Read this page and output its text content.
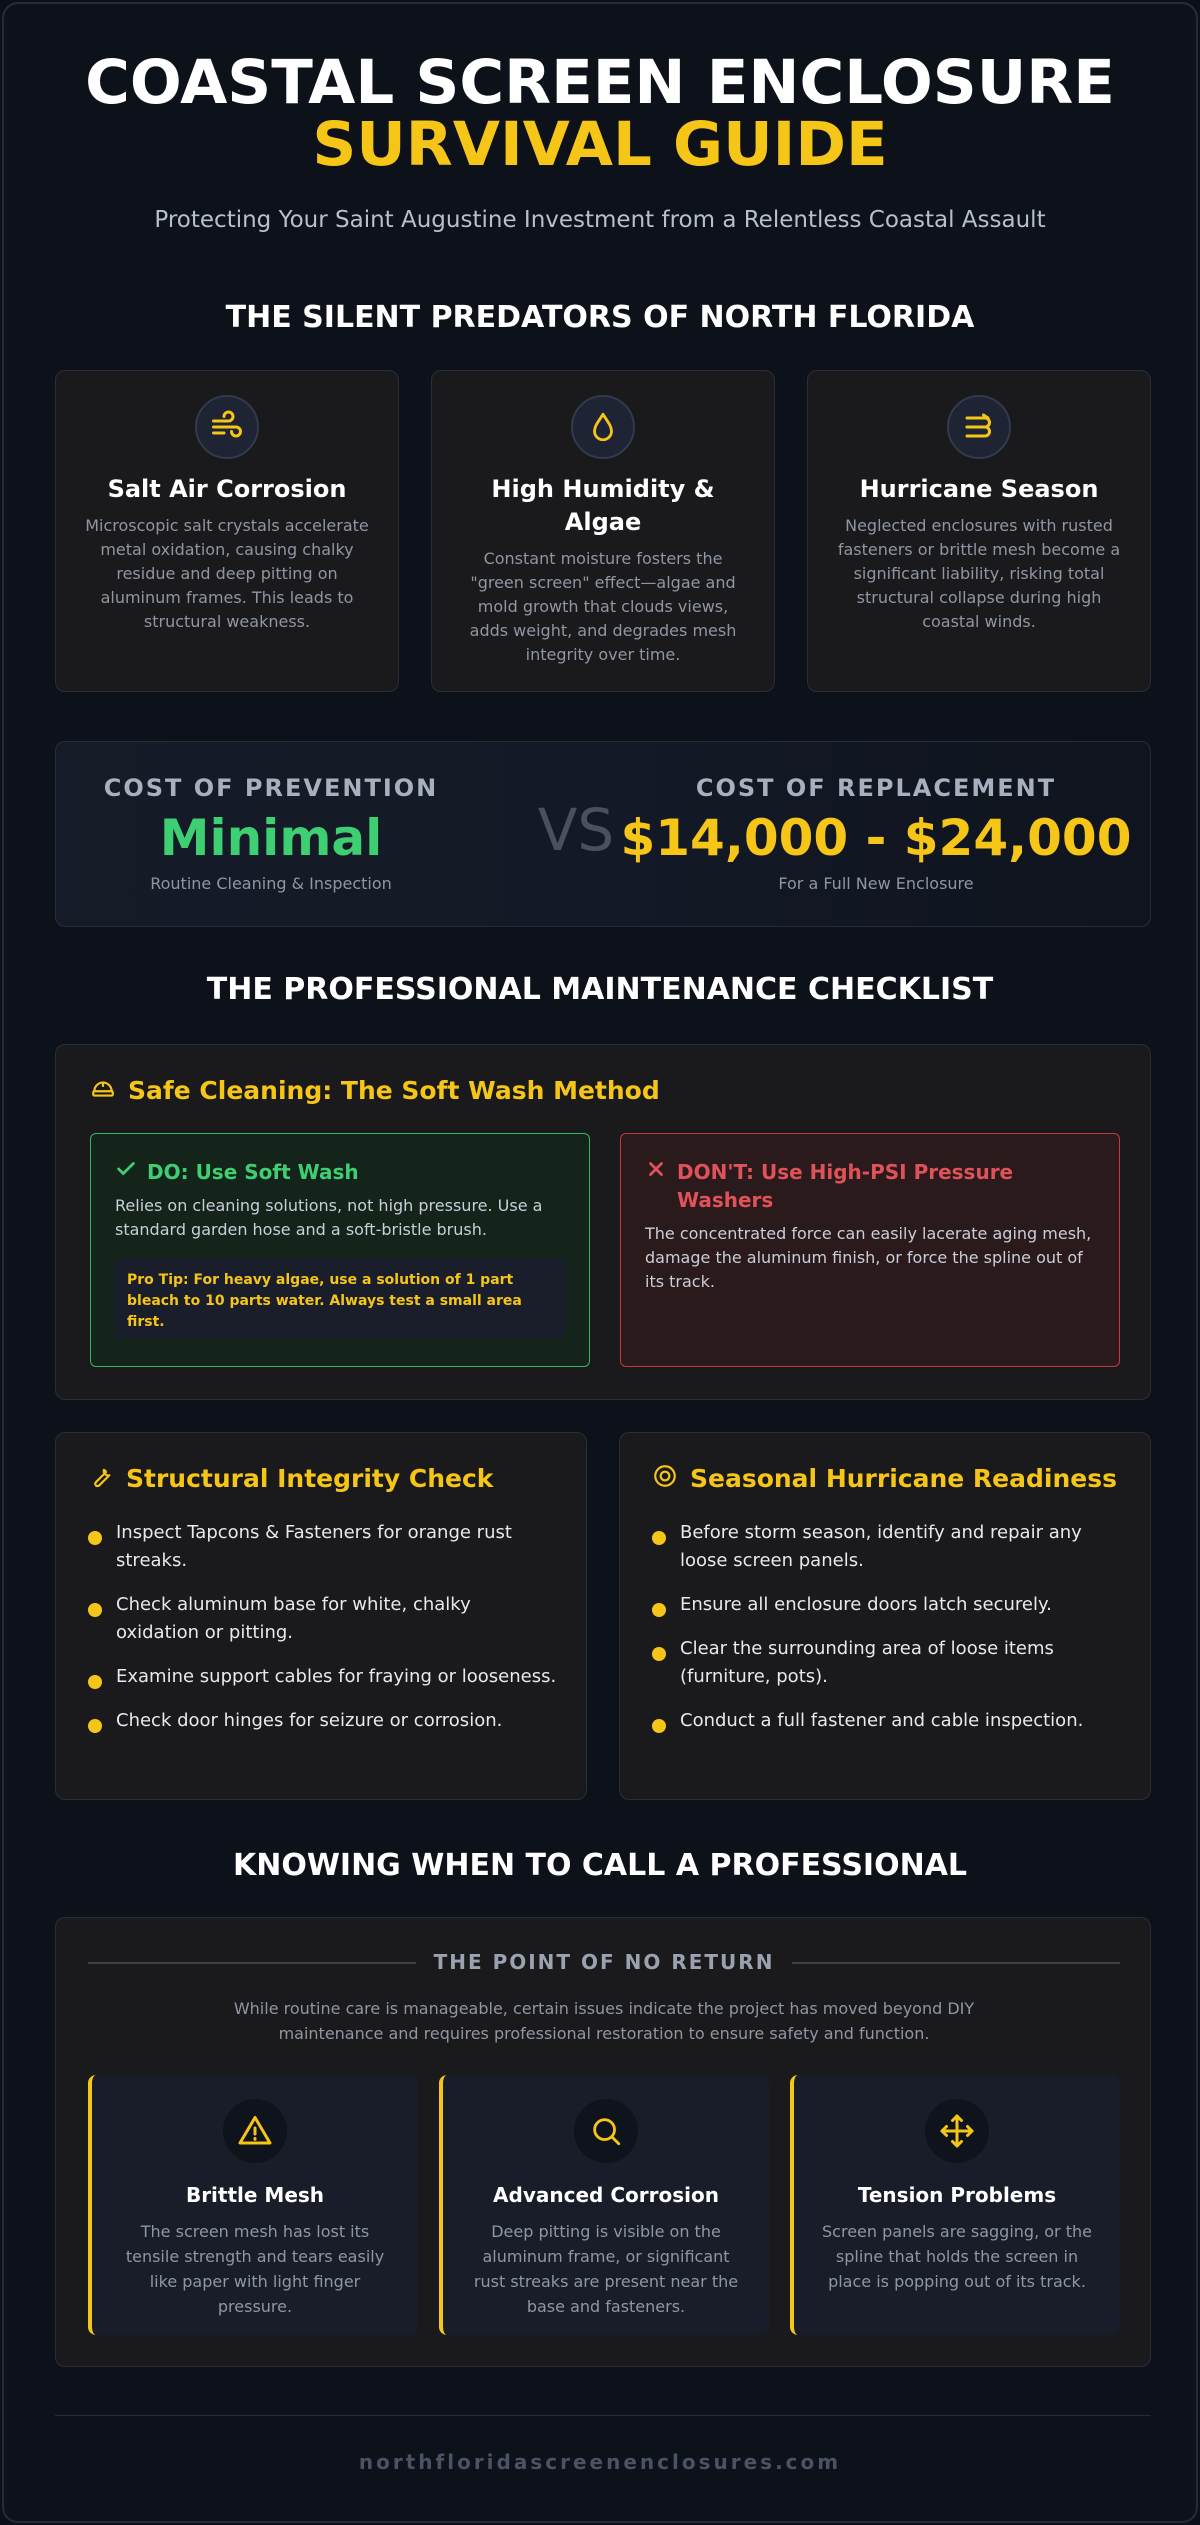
COASTAL SCREEN ENCLOSURE
SURVIVAL GUIDE
Protecting Your Saint Augustine Investment from a Relentless Coastal Assault
THE SILENT PREDATORS OF NORTH FLORIDA
Salt Air Corrosion

Microscopic salt crystals accelerate metal oxidation, causing chalky residue and deep pitting on aluminum frames. This leads to structural weakness.

High Humidity & Algae

Constant moisture fosters the "green screen" effect—algae and mold growth that clouds views, adds weight, and degrades mesh integrity over time.

Hurricane Season

Neglected enclosures with rusted fasteners or brittle mesh become a significant liability, risking total structural collapse during high coastal winds.

COST OF PREVENTION
Minimal
Routine Cleaning & Inspection
VS
COST OF REPLACEMENT
$14,000 - $24,000
For a Full New Enclosure
THE PROFESSIONAL MAINTENANCE CHECKLIST
Safe Cleaning: The Soft Wash Method
DO: Use Soft Wash
Relies on cleaning solutions, not high pressure. Use a standard garden hose and a soft-bristle brush.
Pro Tip: For heavy algae, use a solution of 1 part bleach to 10 parts water. Always test a small area first.
DON'T: Use High-PSI Pressure Washers
The concentrated force can easily lacerate aging mesh, damage the aluminum finish, or force the spline out of its track.
Structural Integrity Check
Inspect Tapcons & Fasteners for orange rust streaks.
Check aluminum base for white, chalky oxidation or pitting.
Examine support cables for fraying or looseness.
Check door hinges for seizure or corrosion.
Seasonal Hurricane Readiness
Before storm season, identify and repair any loose screen panels.
Ensure all enclosure doors latch securely.
Clear the surrounding area of loose items (furniture, pots).
Conduct a full fastener and cable inspection.
KNOWING WHEN TO CALL A PROFESSIONAL
THE POINT OF NO RETURN
While routine care is manageable, certain issues indicate the project has moved beyond DIY maintenance and requires professional restoration to ensure safety and function.
Brittle Mesh

The screen mesh has lost its tensile strength and tears easily like paper with light finger pressure.

Advanced Corrosion

Deep pitting is visible on the aluminum frame, or significant rust streaks are present near the base and fasteners.

Tension Problems

Screen panels are sagging, or the spline that holds the screen in place is popping out of its track.

northfloridascreenenclosures.com
